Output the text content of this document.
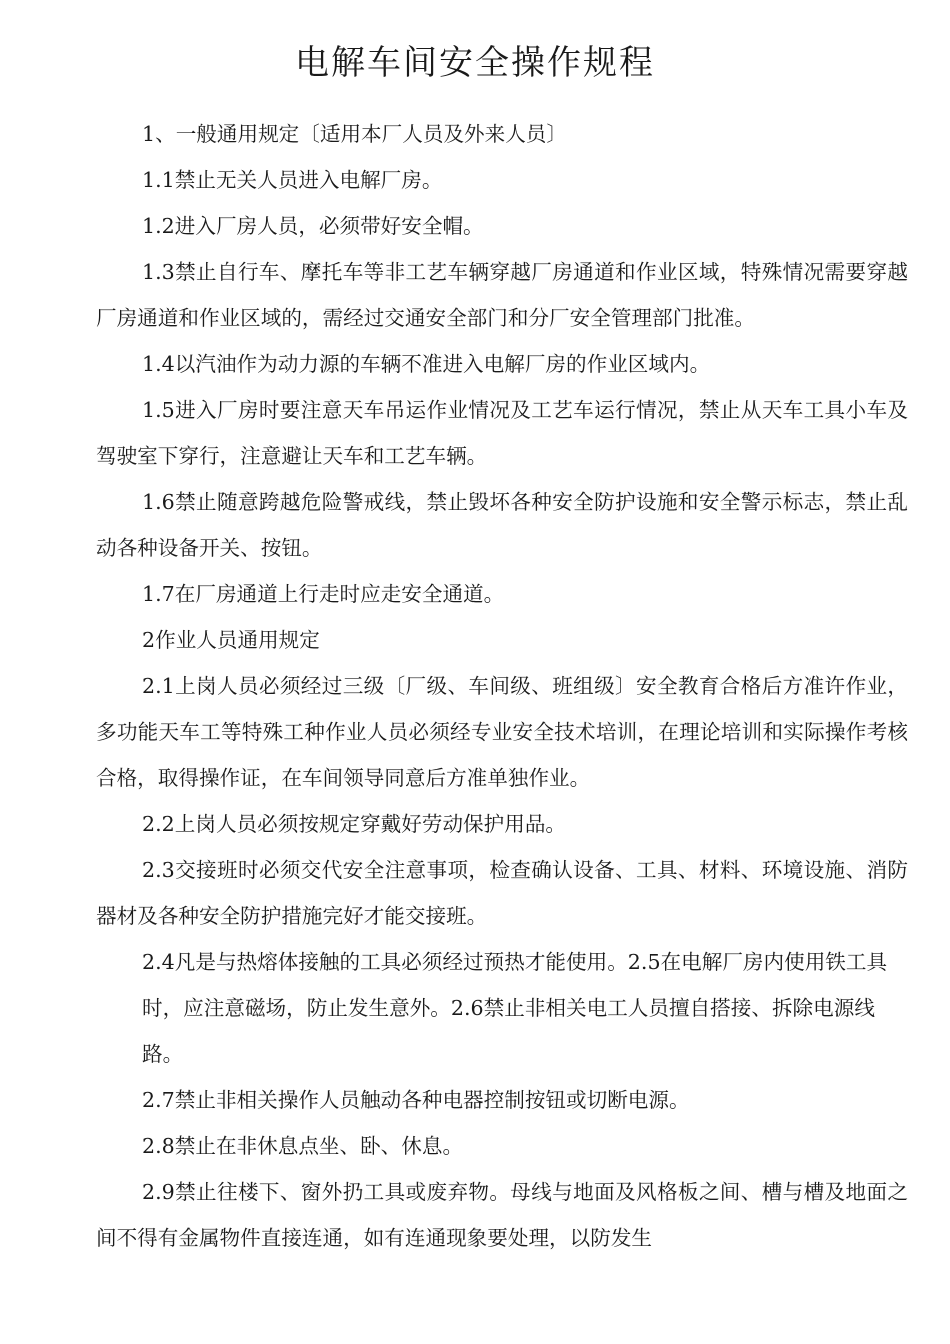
电解车间安全操作规程

1、一般通用规定〔适用本厂人员及外来人员〕

1.1禁止无关人员进入电解厂房。

1.2进入厂房人员，必须带好安全帽。

1.3禁止自行车、摩托车等非工艺车辆穿越厂房通道和作业区域，特殊情况需要穿越厂房通道和作业区域的，需经过交通安全部门和分厂安全管理部门批准。

1.4以汽油作为动力源的车辆不准进入电解厂房的作业区域内。

1.5进入厂房时要注意天车吊运作业情况及工艺车运行情况，禁止从天车工具小车及驾驶室下穿行，注意避让天车和工艺车辆。

1.6禁止随意跨越危险警戒线，禁止毁坏各种安全防护设施和安全警示标志，禁止乱动各种设备开关、按钮。

1.7在厂房通道上行走时应走安全通道。

2作业人员通用规定

2.1上岗人员必须经过三级〔厂级、车间级、班组级〕安全教育合格后方准许作业，多功能天车工等特殊工种作业人员必须经专业安全技术培训，在理论培训和实际操作考核合格，取得操作证，在车间领导同意后方准单独作业。

2.2上岗人员必须按规定穿戴好劳动保护用品。

2.3交接班时必须交代安全注意事项，检查确认设备、工具、材料、环境设施、消防器材及各种安全防护措施完好才能交接班。

2.4凡是与热熔体接触的工具必须经过预热才能使用。2.5在电解厂房内使用铁工具时，应注意磁场，防止发生意外。2.6禁止非相关电工人员擅自搭接、拆除电源线路。

2.7禁止非相关操作人员触动各种电器控制按钮或切断电源。

2.8禁止在非休息点坐、卧、休息。

2.9禁止往楼下、窗外扔工具或废弃物。母线与地面及风格板之间、槽与槽及地面之间不得有金属物件直接连通，如有连通现象要处理，以防发生
